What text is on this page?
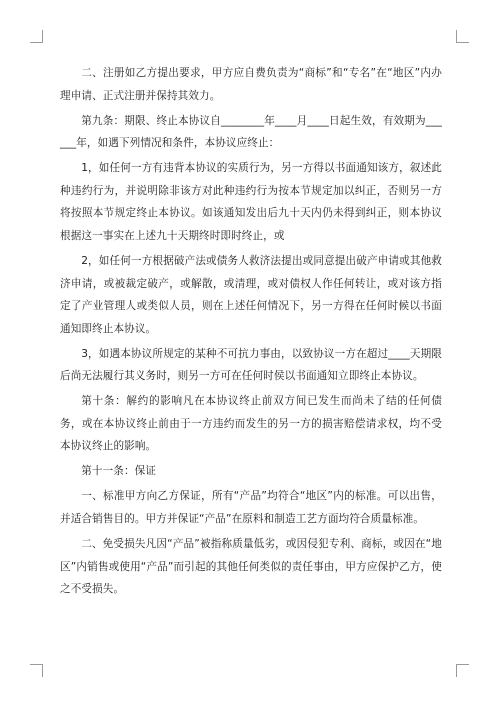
二、注册如乙方提出要求，甲方应自费负责为“商标”和“专名”在“地区”内办理申请、正式注册并保持其效力。

第九条：期限、终止本协议自________年____月____日起生效，有效期为______年，如遇下列情况和条件，本协议应终止：

1，如任何一方有违背本协议的实质行为，另一方得以书面通知该方，叙述此种违约行为，并说明除非该方对此种违约行为按本节规定加以纠正，否则另一方将按照本节规定终止本协议。如该通知发出后九十天内仍未得到纠正，则本协议根据这一事实在上述九十天期终时即时终止，或

2，如任何一方根据破产法或债务人救济法提出或同意提出破产申请或其他救济申请，或被裁定破产，或解散，或清理，或对债权人作任何转让，或对该方指定了产业管理人或类似人员，则在上述任何情况下，另一方得在任何时候以书面通知即终止本协议。

3，如遇本协议所规定的某种不可抗力事由，以致协议一方在超过____天期限后尚无法履行其义务时，则另一方可在任何时侯以书面通知立即终止本协议。

第十条：解约的影响凡在本协议终止前双方间已发生而尚未了结的任何债务，或在本协议终止前由于一方违约而发生的另一方的损害赔偿请求权，均不受本协议终止的影响。

第十一条：保证

一、标准甲方向乙方保证，所有“产品”均符合“地区”内的标准。可以出售，并适合销售目的。甲方并保证“产品”在原料和制造工艺方面均符合质量标准。

二、免受损失凡因“产品”被指称质量低劣，或因侵犯专利、商标，或因在“地区”内销售或使用“产品”而引起的其他任何类似的责任事由，甲方应保护乙方，使之不受损失。
